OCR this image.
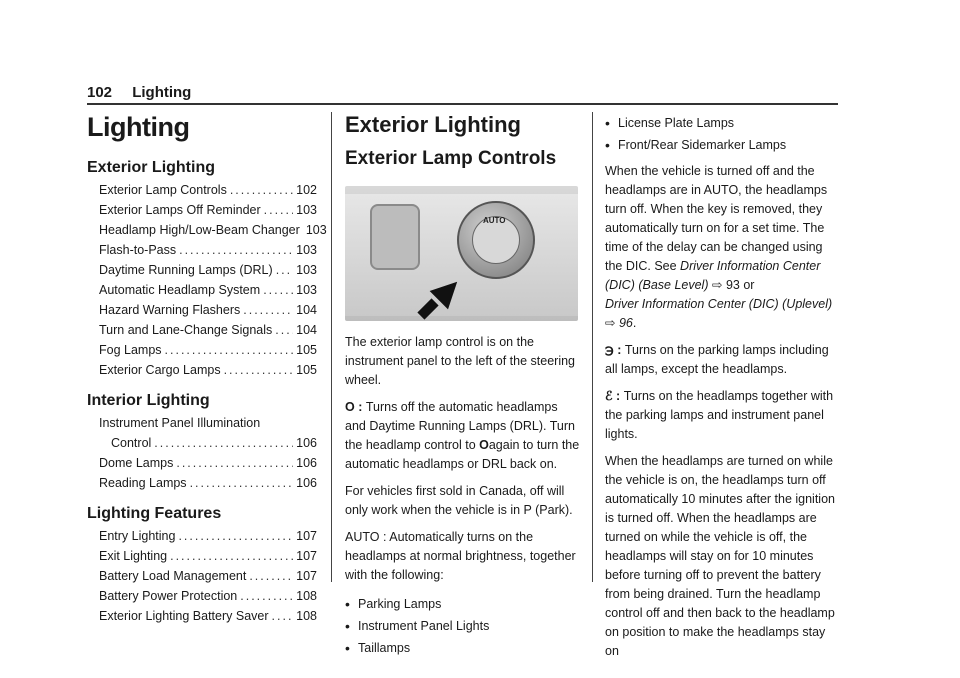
102 Lighting
Lighting
Exterior Lighting
Exterior Lamp Controls .....	102
Exterior Lamps Off Reminder .....	103
Headlamp High/Low-Beam Changer 103
Flash-to-Pass .....	103
Daytime Running Lamps (DRL) ..... 103
Automatic Headlamp System .....	103
Hazard Warning Flashers .....	104
Turn and Lane-Change Signals ..... 104
Fog Lamps .....	105
Exterior Cargo Lamps .....	105
Interior Lighting
Instrument Panel Illumination
Control .....	106
Dome Lamps .....	106
Reading Lamps .....	106
Lighting Features
Entry Lighting .....	107
Exit Lighting .....	107
Battery Load Management .....	107
Battery Power Protection .....	108
Exterior Lighting Battery Saver ..... 108
Exterior Lighting
Exterior Lamp Controls
AUTO

The exterior lamp control is on the instrument panel to the left of the steering wheel.

O : Turns off the automatic headlamps and Daytime Running Lamps (DRL). Turn the headlamp control to Oagain to turn the automatic headlamps or DRL back on.

For vehicles first sold in Canada, off will only work when the vehicle is in P (Park).

AUTO : Automatically turns on the headlamps at normal brightness, together with the following:

• Parking Lamps
• Instrument Panel Lights
• Taillamps
• License Plate Lamps
• Front/Rear Sidemarker Lamps

When the vehicle is turned off and the headlamps are in AUTO, the headlamps turn off. When the key is removed, they automatically turn on for a set time. The time of the delay can be changed using the DIC. See Driver Information Center (DIC) (Base Level) ⇨ 93 or
Driver Information Center (DIC) (Uplevel)
⇨ 96.

℈ : Turns on the parking lamps including all lamps, except the headlamps.

ℰ : Turns on the headlamps together with the parking lamps and instrument panel lights.

When the headlamps are turned on while the vehicle is on, the headlamps turn off automatically 10 minutes after the ignition is turned off. When the headlamps are turned on while the vehicle is off, the headlamps will stay on for 10 minutes before turning off to prevent the battery from being drained. Turn the headlamp control off and then back to the headlamp on position to make the headlamps stay on
